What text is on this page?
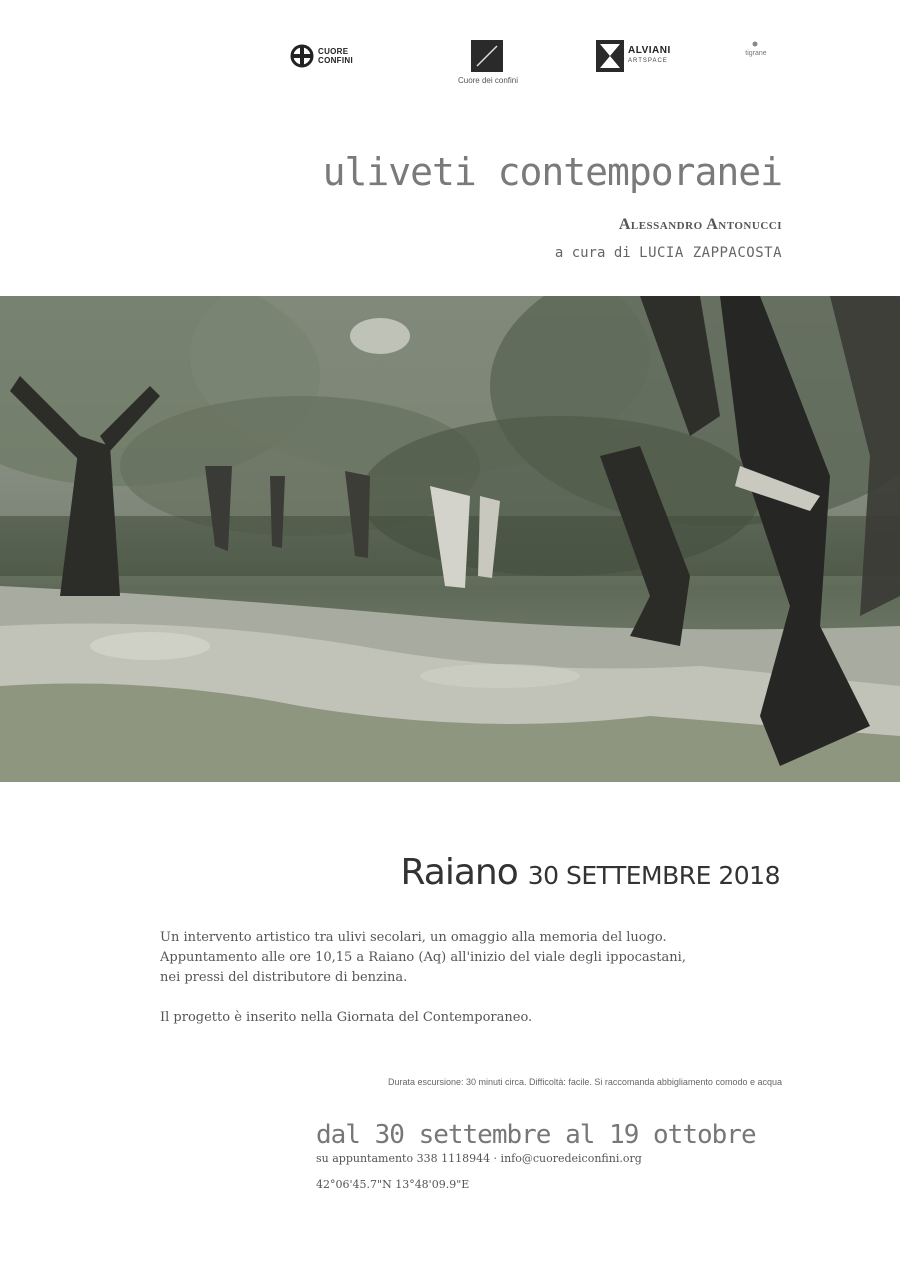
CUORE
CONFINI
Cuore dei confini
ALVIANI
ARTSPACE
tigrane
uliveti contemporanei
Alessandro Antonucci
a cura di LUCIA ZAPPACOSTA
Raiano 30 SETTEMBRE 2018

Un intervento artistico tra ulivi secolari, un omaggio alla memoria del luogo.

Appuntamento alle ore 10,15 a Raiano (Aq) all'inizio del viale degli ippocastani,

nei pressi del distributore di benzina.

Il progetto è inserito nella Giornata del Contemporaneo.

Durata escursione: 30 minuti circa. Difficoltà: facile. Si raccomanda abbigliamento comodo e acqua
dal 30 settembre al 19 ottobre
su appuntamento 338 1118944 · info@cuoredeiconfini.org
42°06'45.7"N 13°48'09.9"E
